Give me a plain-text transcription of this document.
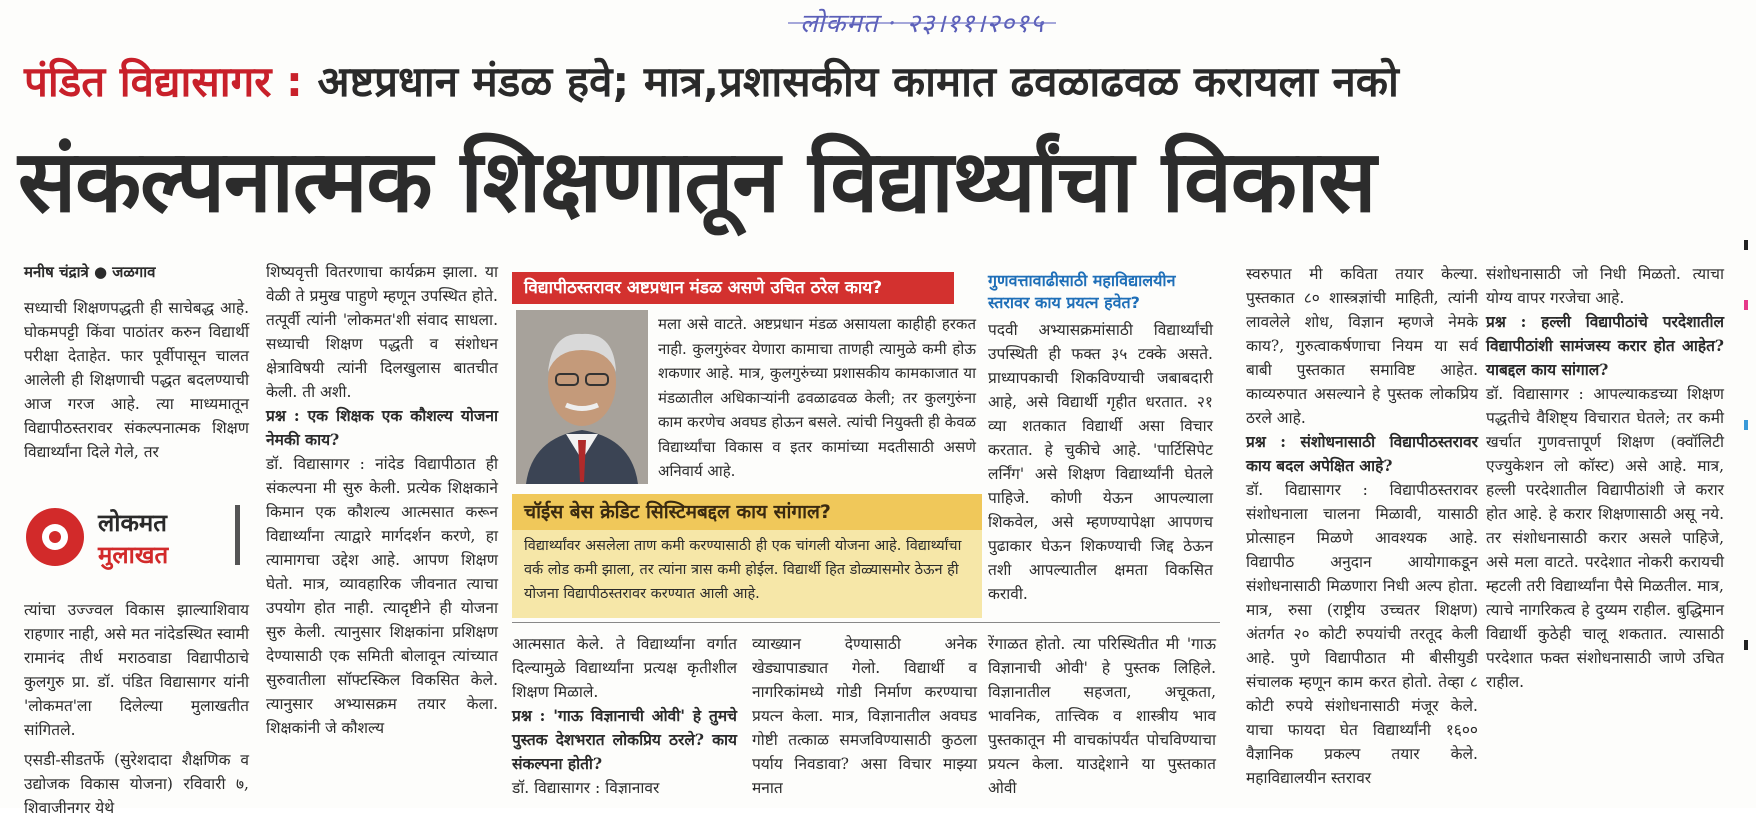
लोकमत · २३।११।२०१५
पंडित विद्यासागर : अष्टप्रधान मंडळ हवे; मात्र,प्रशासकीय कामात ढवळाढवळ करायला नको
संकल्पनात्मक शिक्षणातून विद्यार्थ्यांचा विकास

मनीष चंद्रात्रे ● जळगाव

सध्याची शिक्षणपद्धती ही साचेबद्ध आहे. घोकमपट्टी किंवा पाठांतर करुन विद्यार्थी परीक्षा देताहेत. फार पूर्वीपासून चालत आलेली ही शिक्षणाची पद्धत बदलण्याची आज गरज आहे. त्या माध्यमातून विद्यापीठस्तरावर संकल्पनात्मक शिक्षण विद्यार्थ्यांना दिले गेले, तर

लोकमत
मुलाखत

त्यांचा उज्ज्वल विकास झाल्याशिवाय राहणार नाही, असे मत नांदेडस्थित स्वामी रामानंद तीर्थ मराठवाडा विद्यापीठाचे कुलगुरु प्रा. डॉ. पंडित विद्यासागर यांनी 'लोकमत'ला दिलेल्या मुलाखतीत सांगितले.

एसडी-सीडतर्फे (सुरेशदादा शैक्षणिक व उद्योजक विकास योजना) रविवारी ७, शिवाजीनगर येथे

शिष्यवृत्ती वितरणाचा कार्यक्रम झाला. या वेळी ते प्रमुख पाहुणे म्हणून उपस्थित होते. तत्पूर्वी त्यांनी 'लोकमत'शी संवाद साधला. सध्याची शिक्षण पद्धती व संशोधन क्षेत्राविषयी त्यांनी दिलखुलास बातचीत केली. ती अशी.

प्रश्न : एक शिक्षक एक कौशल्य योजना नेमकी काय?

डॉ. विद्यासागर : नांदेड विद्यापीठात ही संकल्पना मी सुरु केली. प्रत्येक शिक्षकाने किमान एक कौशल्य आत्मसात करून विद्यार्थ्यांना त्याद्वारे मार्गदर्शन करणे, हा त्यामागचा उद्देश आहे. आपण शिक्षण घेतो. मात्र, व्यावहारिक जीवनात त्याचा उपयोग होत नाही. त्यादृष्टीने ही योजना सुरु केली. त्यानुसार शिक्षकांना प्रशिक्षण देण्यासाठी एक समिती बोलावून त्यांच्यात सुरुवातीला सॉफ्टस्किल विकसित केले. त्यानुसार अभ्यासक्रम तयार केला. शिक्षकांनी जे कौशल्य

विद्यापीठस्तरावर अष्टप्रधान मंडळ असणे उचित ठरेल काय?
मला असे वाटते. अष्टप्रधान मंडळ असायला काहीही हरकत नाही. कुलगुरुंवर येणारा कामाचा ताणही त्यामुळे कमी होऊ शकणार आहे. मात्र, कुलगुरुंच्या प्रशासकीय कामकाजात या मंडळातील अधिकाऱ्यांनी ढवळाढवळ केली; तर कुलगुरुंना काम करणेच अवघड होऊन बसले. त्यांची नियुक्ती ही केवळ विद्यार्थ्यांचा विकास व इतर कामांच्या मदतीसाठी असणे अनिवार्य आहे.
चॉईस बेस क्रेडिट सिस्टिमबद्दल काय सांगाल?
विद्यार्थ्यांवर असलेला ताण कमी करण्यासाठी ही एक चांगली योजना आहे. विद्यार्थ्यांचा वर्क लोड कमी झाला, तर त्यांना त्रास कमी होईल. विद्यार्थी हित डोळ्यासमोर ठेऊन ही योजना विद्यापीठस्तरावर करण्यात आली आहे.
गुणवत्तावाढीसाठी महाविद्यालयीन स्तरावर काय प्रयत्न हवेत?
पदवी अभ्यासक्रमांसाठी विद्यार्थ्यांची उपस्थिती ही फक्त ३५ टक्के असते. प्राध्यापकाची शिकविण्याची जबाबदारी आहे, असे विद्यार्थी गृहीत धरतात. २१ व्या शतकात विद्यार्थी असा विचार करतात. हे चुकीचे आहे. 'पार्टिसिपेट लर्निंग' असे शिक्षण विद्यार्थ्यांनी घेतले पाहिजे. कोणी येऊन आपल्याला शिकवेल, असे म्हणण्यापेक्षा आपणच पुढाकार घेऊन शिकण्याची जिद्द ठेऊन तशी आपल्यातील क्षमता विकसित करावी.

आत्मसात केले. ते विद्यार्थ्यांना वर्गात दिल्यामुळे विद्यार्थ्यांना प्रत्यक्ष कृतीशील शिक्षण मिळाले.

प्रश्न : 'गाऊ विज्ञानाची ओवी' हे तुमचे पुस्तक देशभरात लोकप्रिय ठरले? काय संकल्पना होती?

डॉ. विद्यासागर : विज्ञानावर

व्याख्यान देण्यासाठी अनेक खेड्यापाड्यात गेलो. विद्यार्थी व नागरिकांमध्ये गोडी निर्माण करण्याचा प्रयत्न केला. मात्र, विज्ञानातील अवघड गोष्टी तत्काळ समजविण्यासाठी कुठला पर्याय निवडावा? असा विचार माझ्या मनात
रेंगाळत होतो. त्या परिस्थितीत मी 'गाऊ विज्ञानाची ओवी' हे पुस्तक लिहिले. विज्ञानातील सहजता, अचूकता, भावनिक, तात्त्विक व शास्त्रीय भाव पुस्तकातून मी वाचकांपर्यंत पोचविण्याचा प्रयत्न केला. याउद्देशाने या पुस्तकात ओवी

स्वरुपात मी कविता तयार केल्या. पुस्तकात ८० शास्त्रज्ञांची माहिती, त्यांनी लावलेले शोध, विज्ञान म्हणजे नेमके काय?, गुरुत्वाकर्षणाचा नियम या सर्व बाबी पुस्तकात समाविष्ट आहेत. काव्यरुपात असल्याने हे पुस्तक लोकप्रिय ठरले आहे.

प्रश्न : संशोधनासाठी विद्यापीठस्तरावर काय बदल अपेक्षित आहे?

डॉ. विद्यासागर : विद्यापीठस्तरावर संशोधनाला चालना मिळावी, यासाठी प्रोत्साहन मिळणे आवश्यक आहे. विद्यापीठ अनुदान आयोगाकडून संशोधनासाठी मिळणारा निधी अल्प होता. मात्र, रुसा (राष्ट्रीय उच्चतर शिक्षण) अंतर्गत २० कोटी रुपयांची तरतूद केली आहे. पुणे विद्यापीठात मी बीसीयुडी संचालक म्हणून काम करत होतो. तेव्हा ८ कोटी रुपये संशोधनासाठी मंजूर केले. याचा फायदा घेत विद्यार्थ्यांनी १६०० वैज्ञानिक प्रकल्प तयार केले. महाविद्यालयीन स्तरावर

संशोधनासाठी जो निधी मिळतो. त्याचा योग्य वापर गरजेचा आहे.

प्रश्न : हल्ली विद्यापीठांचे परदेशातील विद्यापीठांशी सामंजस्य करार होत आहेत? याबद्दल काय सांगाल?

डॉ. विद्यासागर : आपल्याकडच्या शिक्षण पद्धतीचे वैशिष्ट्य विचारात घेतले; तर कमी खर्चात गुणवत्तापूर्ण शिक्षण (क्वॉलिटी एज्युकेशन लो कॉस्ट) असे आहे. मात्र, हल्ली परदेशातील विद्यापीठांशी जे करार होत आहे. हे करार शिक्षणासाठी असू नये. तर संशोधनासाठी करार असले पाहिजे, असे मला वाटते. परदेशात नोकरी करायची म्हटली तरी विद्यार्थ्यांना पैसे मिळतील. मात्र, त्याचे नागरिकत्व हे दुय्यम राहील. बुद्धिमान विद्यार्थी कुठेही चालू शकतात. त्यासाठी परदेशात फक्त संशोधनासाठी जाणे उचित राहील.
